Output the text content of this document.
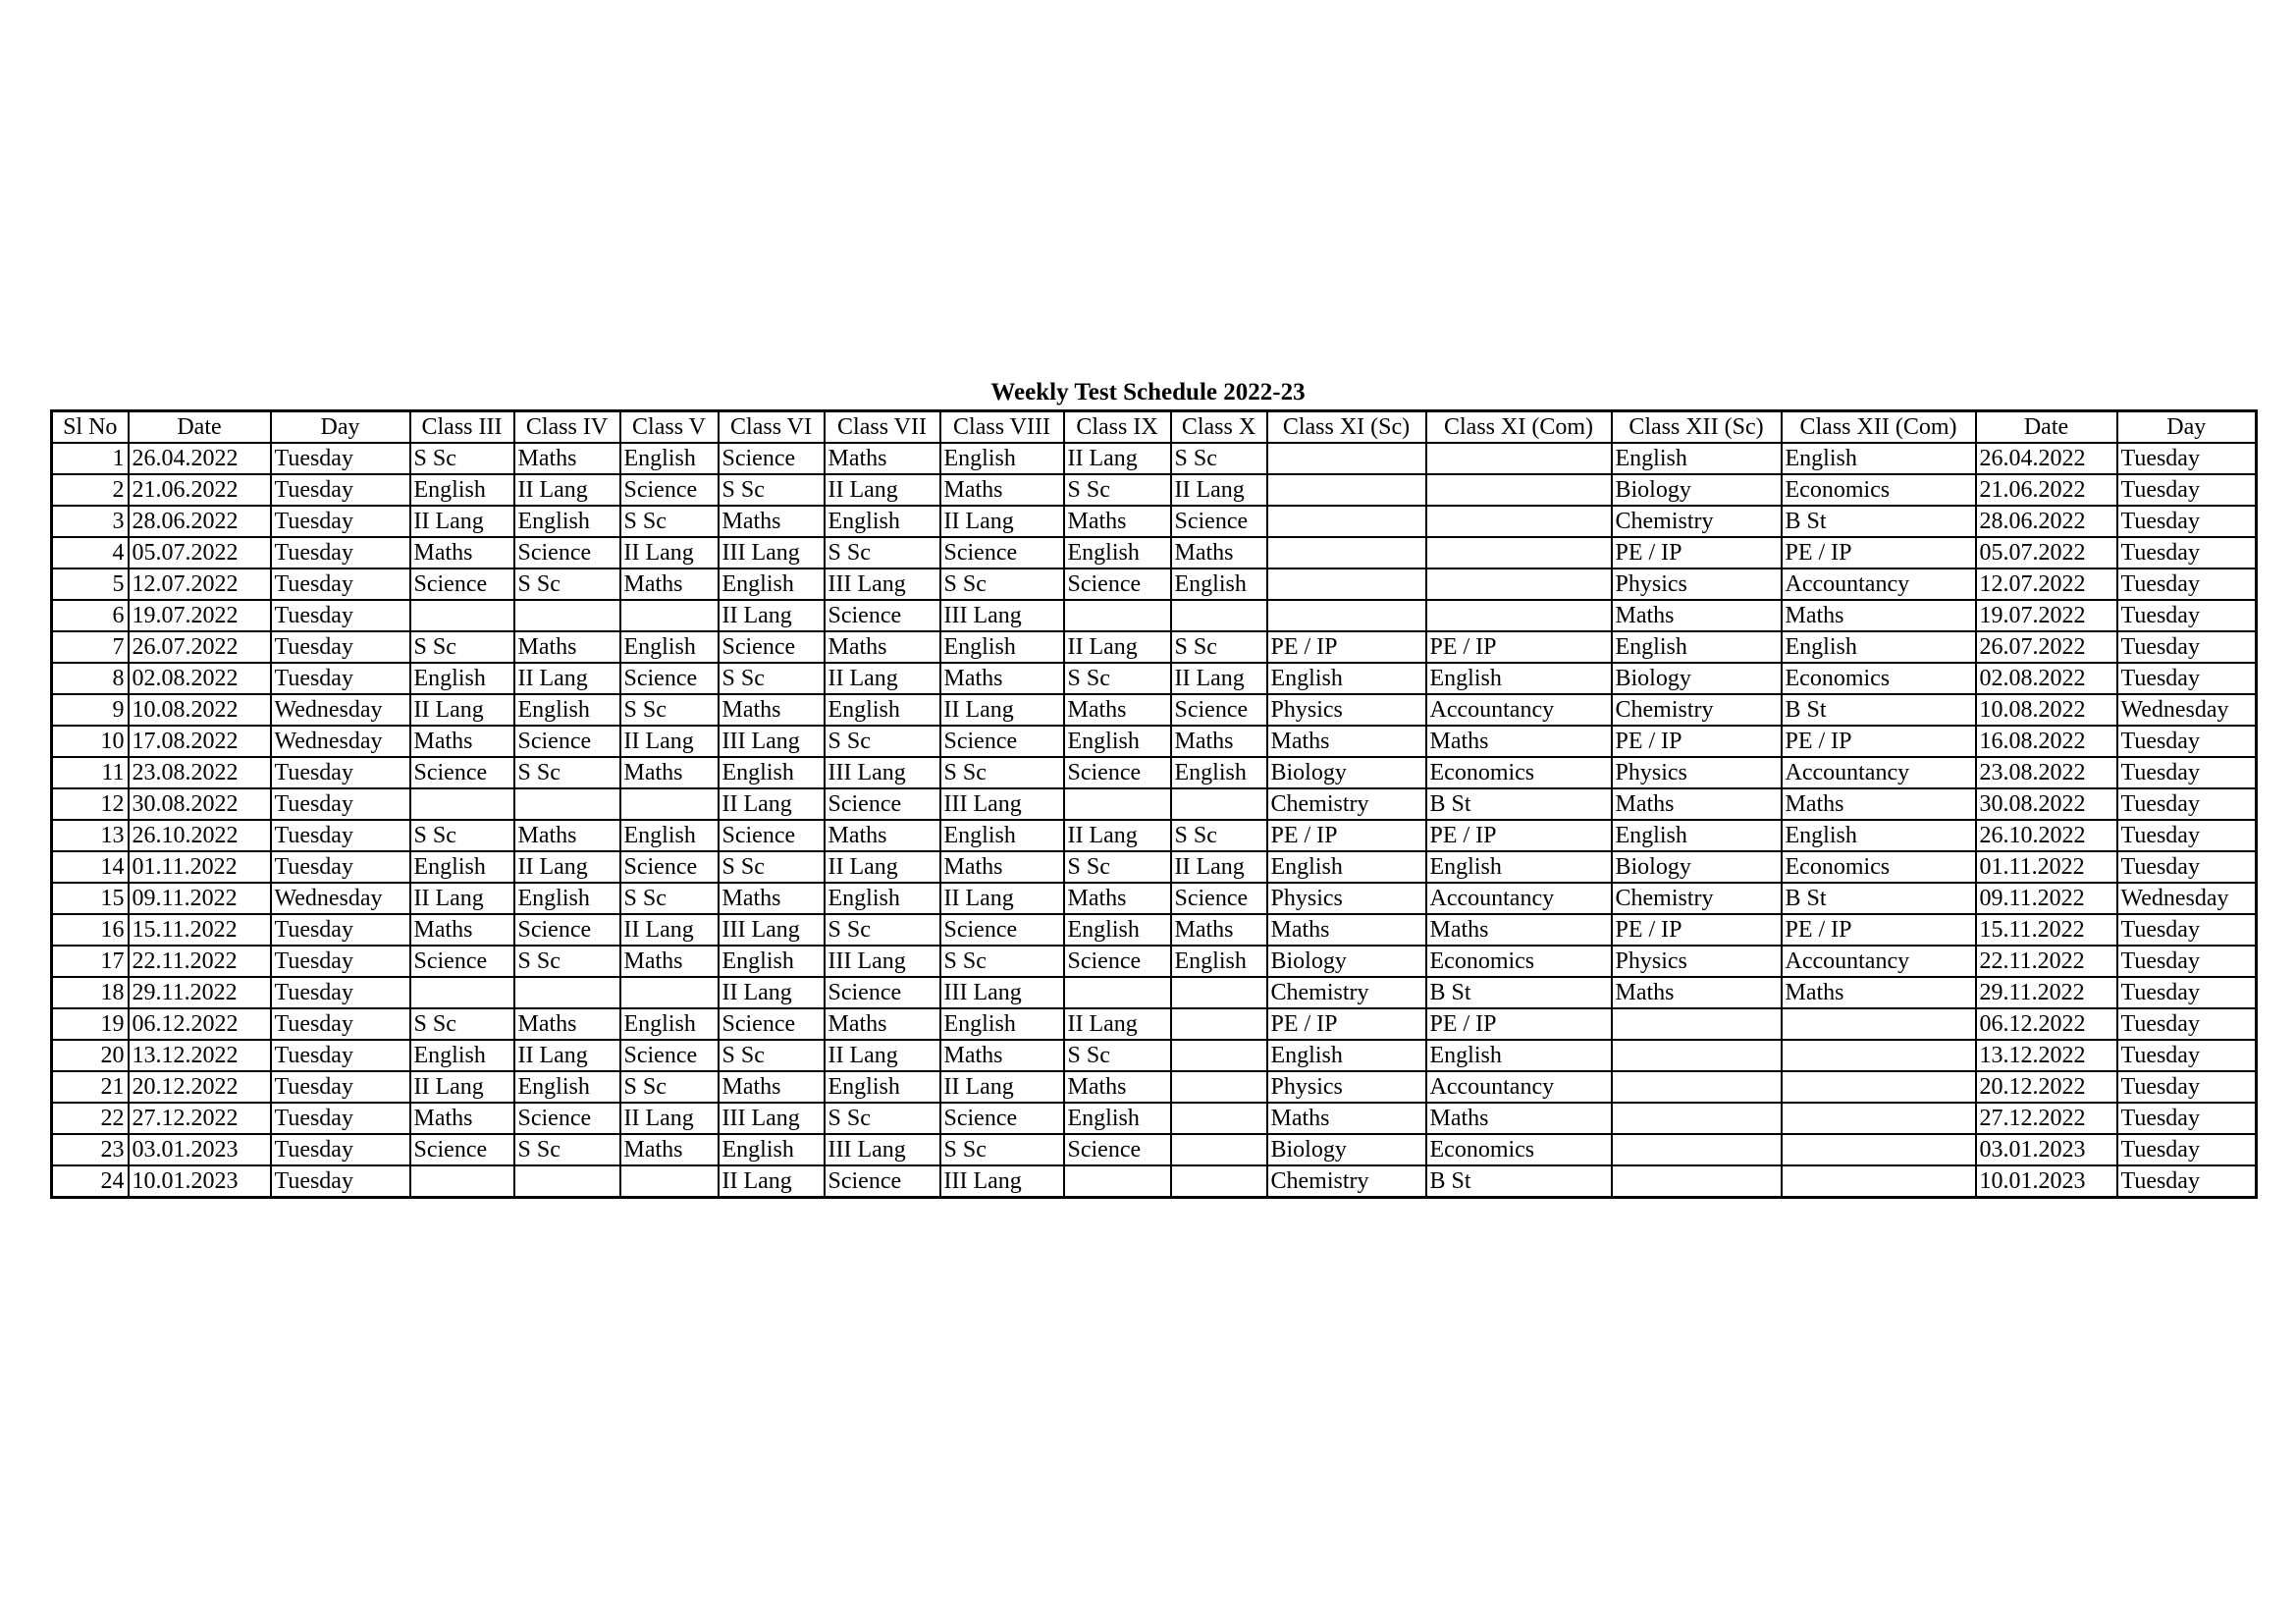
Weekly Test Schedule 2022-23
Sl No	Date	Day	Class III	Class IV	Class V	Class VI	Class VII	Class VIII	Class IX	Class X	Class XI (Sc)	Class XI (Com)	Class XII (Sc)	Class XII (Com)	Date	Day
1	26.04.2022	Tuesday	S Sc	Maths	English	Science	Maths	English	II Lang	S Sc			English	English	26.04.2022	Tuesday
2	21.06.2022	Tuesday	English	II Lang	Science	S Sc	II Lang	Maths	S Sc	II Lang			Biology	Economics	21.06.2022	Tuesday
3	28.06.2022	Tuesday	II Lang	English	S Sc	Maths	English	II Lang	Maths	Science			Chemistry	B St	28.06.2022	Tuesday
4	05.07.2022	Tuesday	Maths	Science	II Lang	III Lang	S Sc	Science	English	Maths			PE / IP	PE / IP	05.07.2022	Tuesday
5	12.07.2022	Tuesday	Science	S Sc	Maths	English	III Lang	S Sc	Science	English			Physics	Accountancy	12.07.2022	Tuesday
6	19.07.2022	Tuesday				II Lang	Science	III Lang					Maths	Maths	19.07.2022	Tuesday
7	26.07.2022	Tuesday	S Sc	Maths	English	Science	Maths	English	II Lang	S Sc	PE / IP	PE / IP	English	English	26.07.2022	Tuesday
8	02.08.2022	Tuesday	English	II Lang	Science	S Sc	II Lang	Maths	S Sc	II Lang	English	English	Biology	Economics	02.08.2022	Tuesday
9	10.08.2022	Wednesday	II Lang	English	S Sc	Maths	English	II Lang	Maths	Science	Physics	Accountancy	Chemistry	B St	10.08.2022	Wednesday
10	17.08.2022	Wednesday	Maths	Science	II Lang	III Lang	S Sc	Science	English	Maths	Maths	Maths	PE / IP	PE / IP	16.08.2022	Tuesday
11	23.08.2022	Tuesday	Science	S Sc	Maths	English	III Lang	S Sc	Science	English	Biology	Economics	Physics	Accountancy	23.08.2022	Tuesday
12	30.08.2022	Tuesday				II Lang	Science	III Lang			Chemistry	B St	Maths	Maths	30.08.2022	Tuesday
13	26.10.2022	Tuesday	S Sc	Maths	English	Science	Maths	English	II Lang	S Sc	PE / IP	PE / IP	English	English	26.10.2022	Tuesday
14	01.11.2022	Tuesday	English	II Lang	Science	S Sc	II Lang	Maths	S Sc	II Lang	English	English	Biology	Economics	01.11.2022	Tuesday
15	09.11.2022	Wednesday	II Lang	English	S Sc	Maths	English	II Lang	Maths	Science	Physics	Accountancy	Chemistry	B St	09.11.2022	Wednesday
16	15.11.2022	Tuesday	Maths	Science	II Lang	III Lang	S Sc	Science	English	Maths	Maths	Maths	PE / IP	PE / IP	15.11.2022	Tuesday
17	22.11.2022	Tuesday	Science	S Sc	Maths	English	III Lang	S Sc	Science	English	Biology	Economics	Physics	Accountancy	22.11.2022	Tuesday
18	29.11.2022	Tuesday				II Lang	Science	III Lang			Chemistry	B St	Maths	Maths	29.11.2022	Tuesday
19	06.12.2022	Tuesday	S Sc	Maths	English	Science	Maths	English	II Lang		PE / IP	PE / IP			06.12.2022	Tuesday
20	13.12.2022	Tuesday	English	II Lang	Science	S Sc	II Lang	Maths	S Sc		English	English			13.12.2022	Tuesday
21	20.12.2022	Tuesday	II Lang	English	S Sc	Maths	English	II Lang	Maths		Physics	Accountancy			20.12.2022	Tuesday
22	27.12.2022	Tuesday	Maths	Science	II Lang	III Lang	S Sc	Science	English		Maths	Maths			27.12.2022	Tuesday
23	03.01.2023	Tuesday	Science	S Sc	Maths	English	III Lang	S Sc	Science		Biology	Economics			03.01.2023	Tuesday
24	10.01.2023	Tuesday				II Lang	Science	III Lang			Chemistry	B St			10.01.2023	Tuesday
